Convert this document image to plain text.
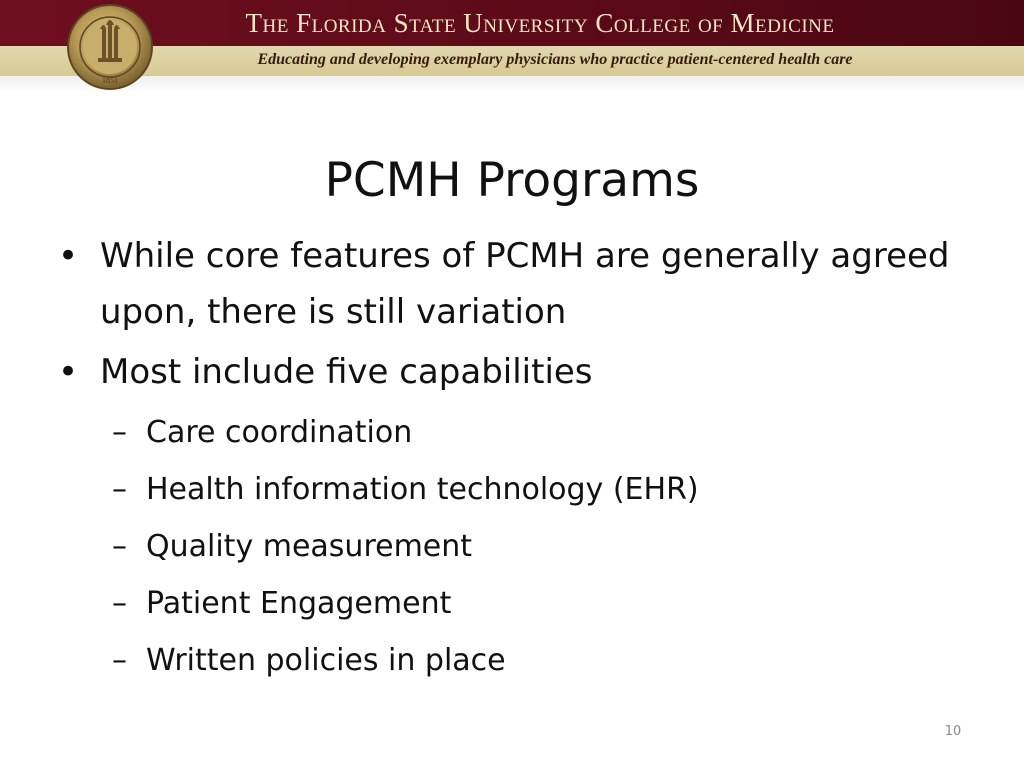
1851
The Florida State University College of Medicine
Educating and developing exemplary physicians who practice patient-centered health care
PCMH Programs
• While core features of PCMH are generally agreed upon, there is still variation
• Most include five capabilities
– Care coordination
– Health information technology (EHR)
– Quality measurement
– Patient Engagement
– Written policies in place
10
